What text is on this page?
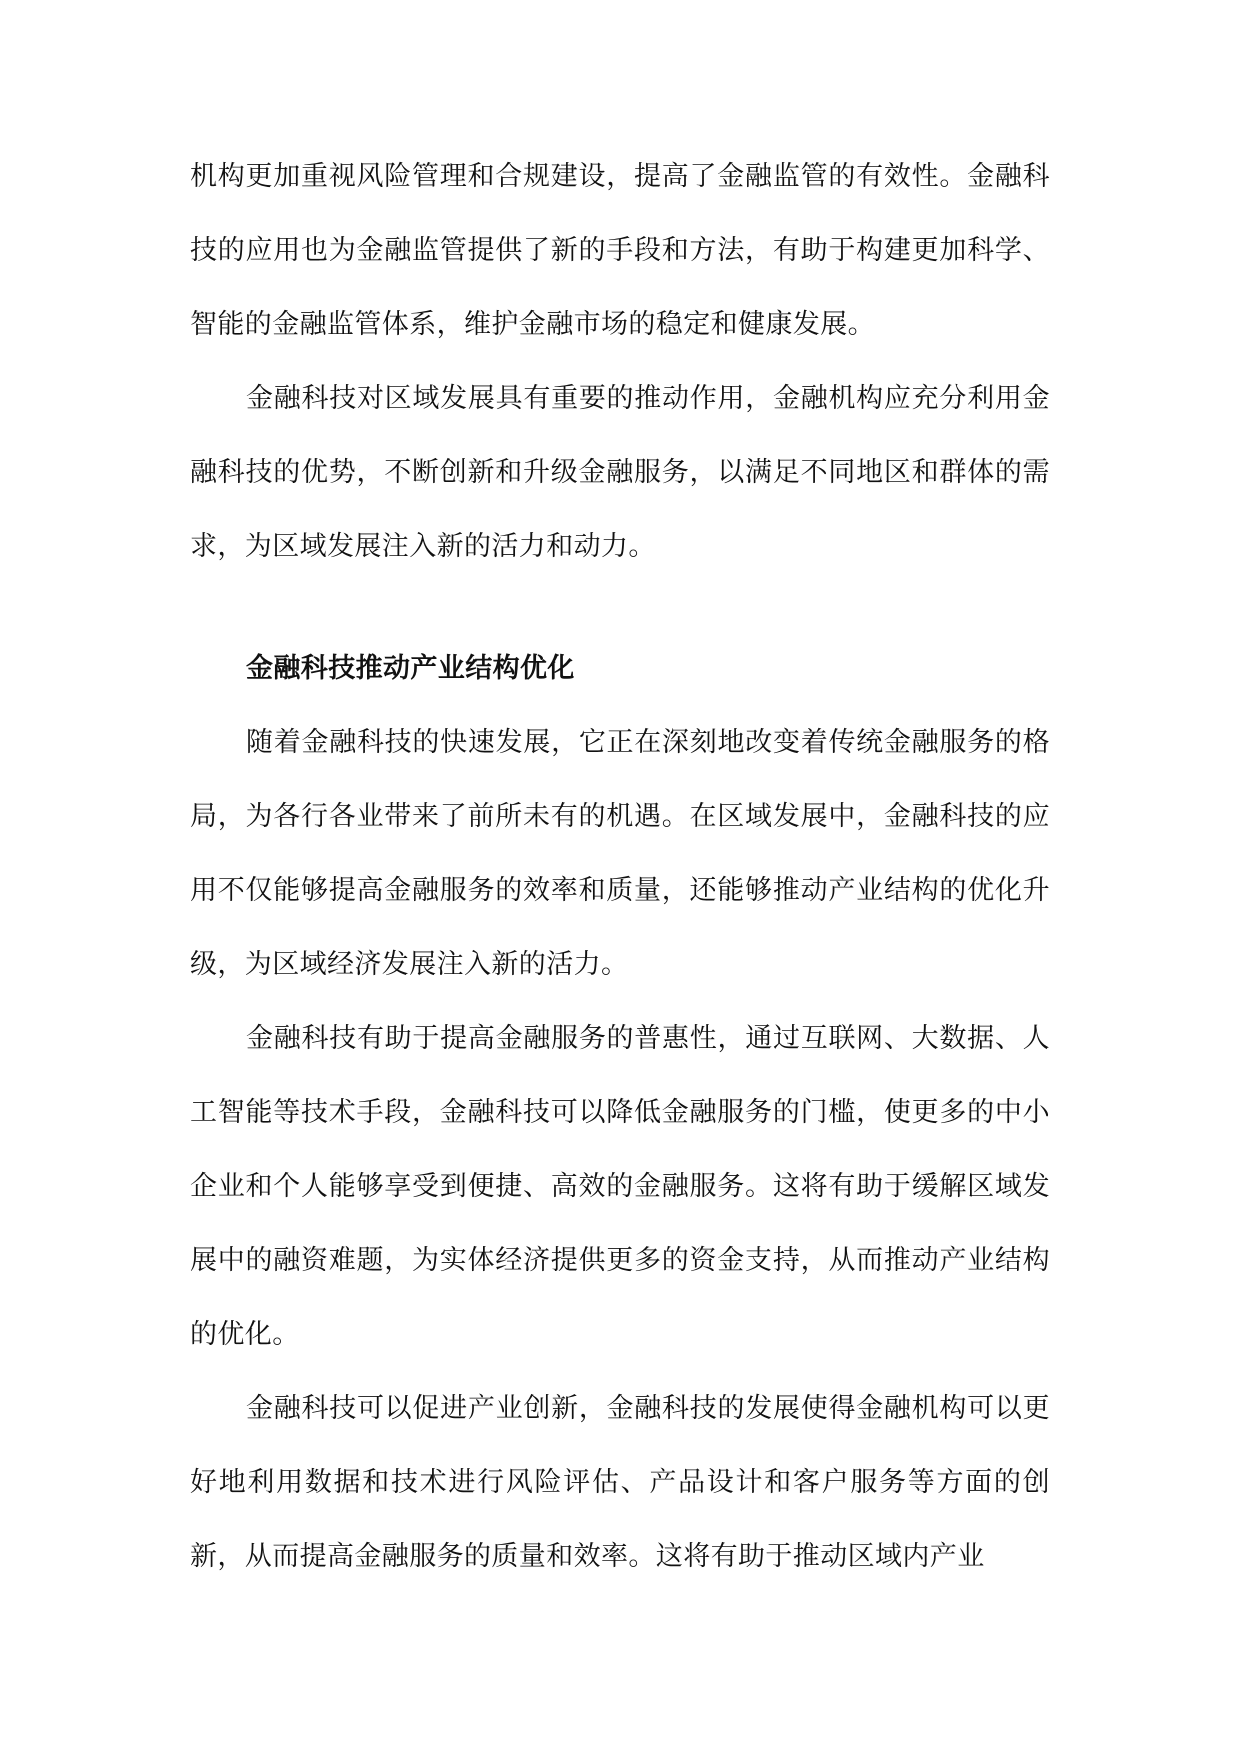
机构更加重视风险管理和合规建设，提高了金融监管的有效性。金融科技的应用也为金融监管提供了新的手段和方法，有助于构建更加科学、智能的金融监管体系，维护金融市场的稳定和健康发展。

金融科技对区域发展具有重要的推动作用，金融机构应充分利用金融科技的优势，不断创新和升级金融服务，以满足不同地区和群体的需求，为区域发展注入新的活力和动力。

金融科技推动产业结构优化

随着金融科技的快速发展，它正在深刻地改变着传统金融服务的格局，为各行各业带来了前所未有的机遇。在区域发展中，金融科技的应用不仅能够提高金融服务的效率和质量，还能够推动产业结构的优化升级，为区域经济发展注入新的活力。

金融科技有助于提高金融服务的普惠性，通过互联网、大数据、人工智能等技术手段，金融科技可以降低金融服务的门槛，使更多的中小企业和个人能够享受到便捷、高效的金融服务。这将有助于缓解区域发展中的融资难题，为实体经济提供更多的资金支持，从而推动产业结构的优化。

金融科技可以促进产业创新，金融科技的发展使得金融机构可以更好地利用数据和技术进行风险评估、产品设计和客户服务等方面的创新，从而提高金融服务的质量和效率。这将有助于推动区域内产业
